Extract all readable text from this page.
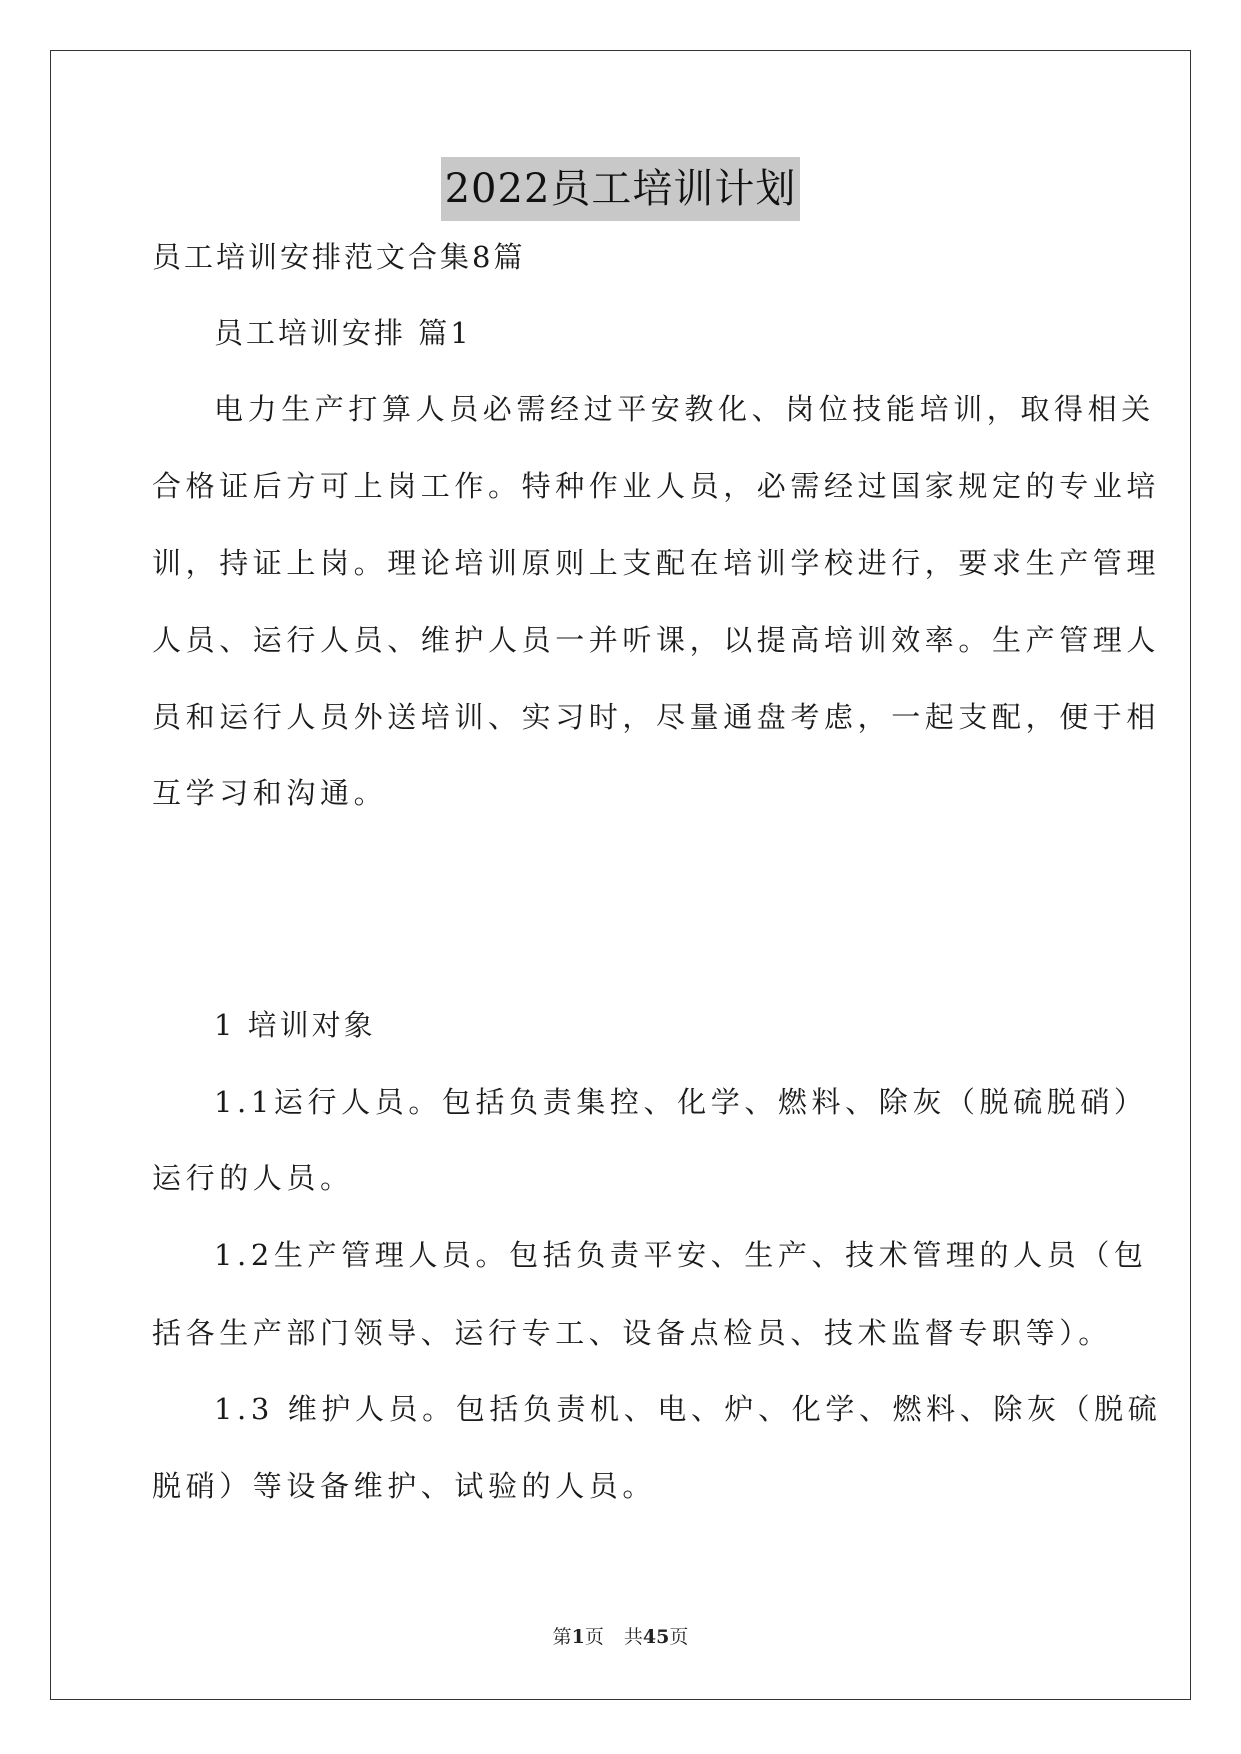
2022员工培训计划
员工培训安排范文合集8篇
员工培训安排 篇1
电力生产打算人员必需经过平安教化、岗位技能培训，取得相关
合格证后方可上岗工作。特种作业人员，必需经过国家规定的专业培
训，持证上岗。理论培训原则上支配在培训学校进行，要求生产管理
人员、运行人员、维护人员一并听课，以提高培训效率。生产管理人
员和运行人员外送培训、实习时，尽量通盘考虑，一起支配，便于相
互学习和沟通。
1 培训对象
1.1运行人员。包括负责集控、化学、燃料、除灰（脱硫脱硝）
运行的人员。
1.2生产管理人员。包括负责平安、生产、技术管理的人员（包
括各生产部门领导、运行专工、设备点检员、技术监督专职等）。
1.3 维护人员。包括负责机、电、炉、化学、燃料、除灰（脱硫
脱硝）等设备维护、试验的人员。
第1页 共45页
